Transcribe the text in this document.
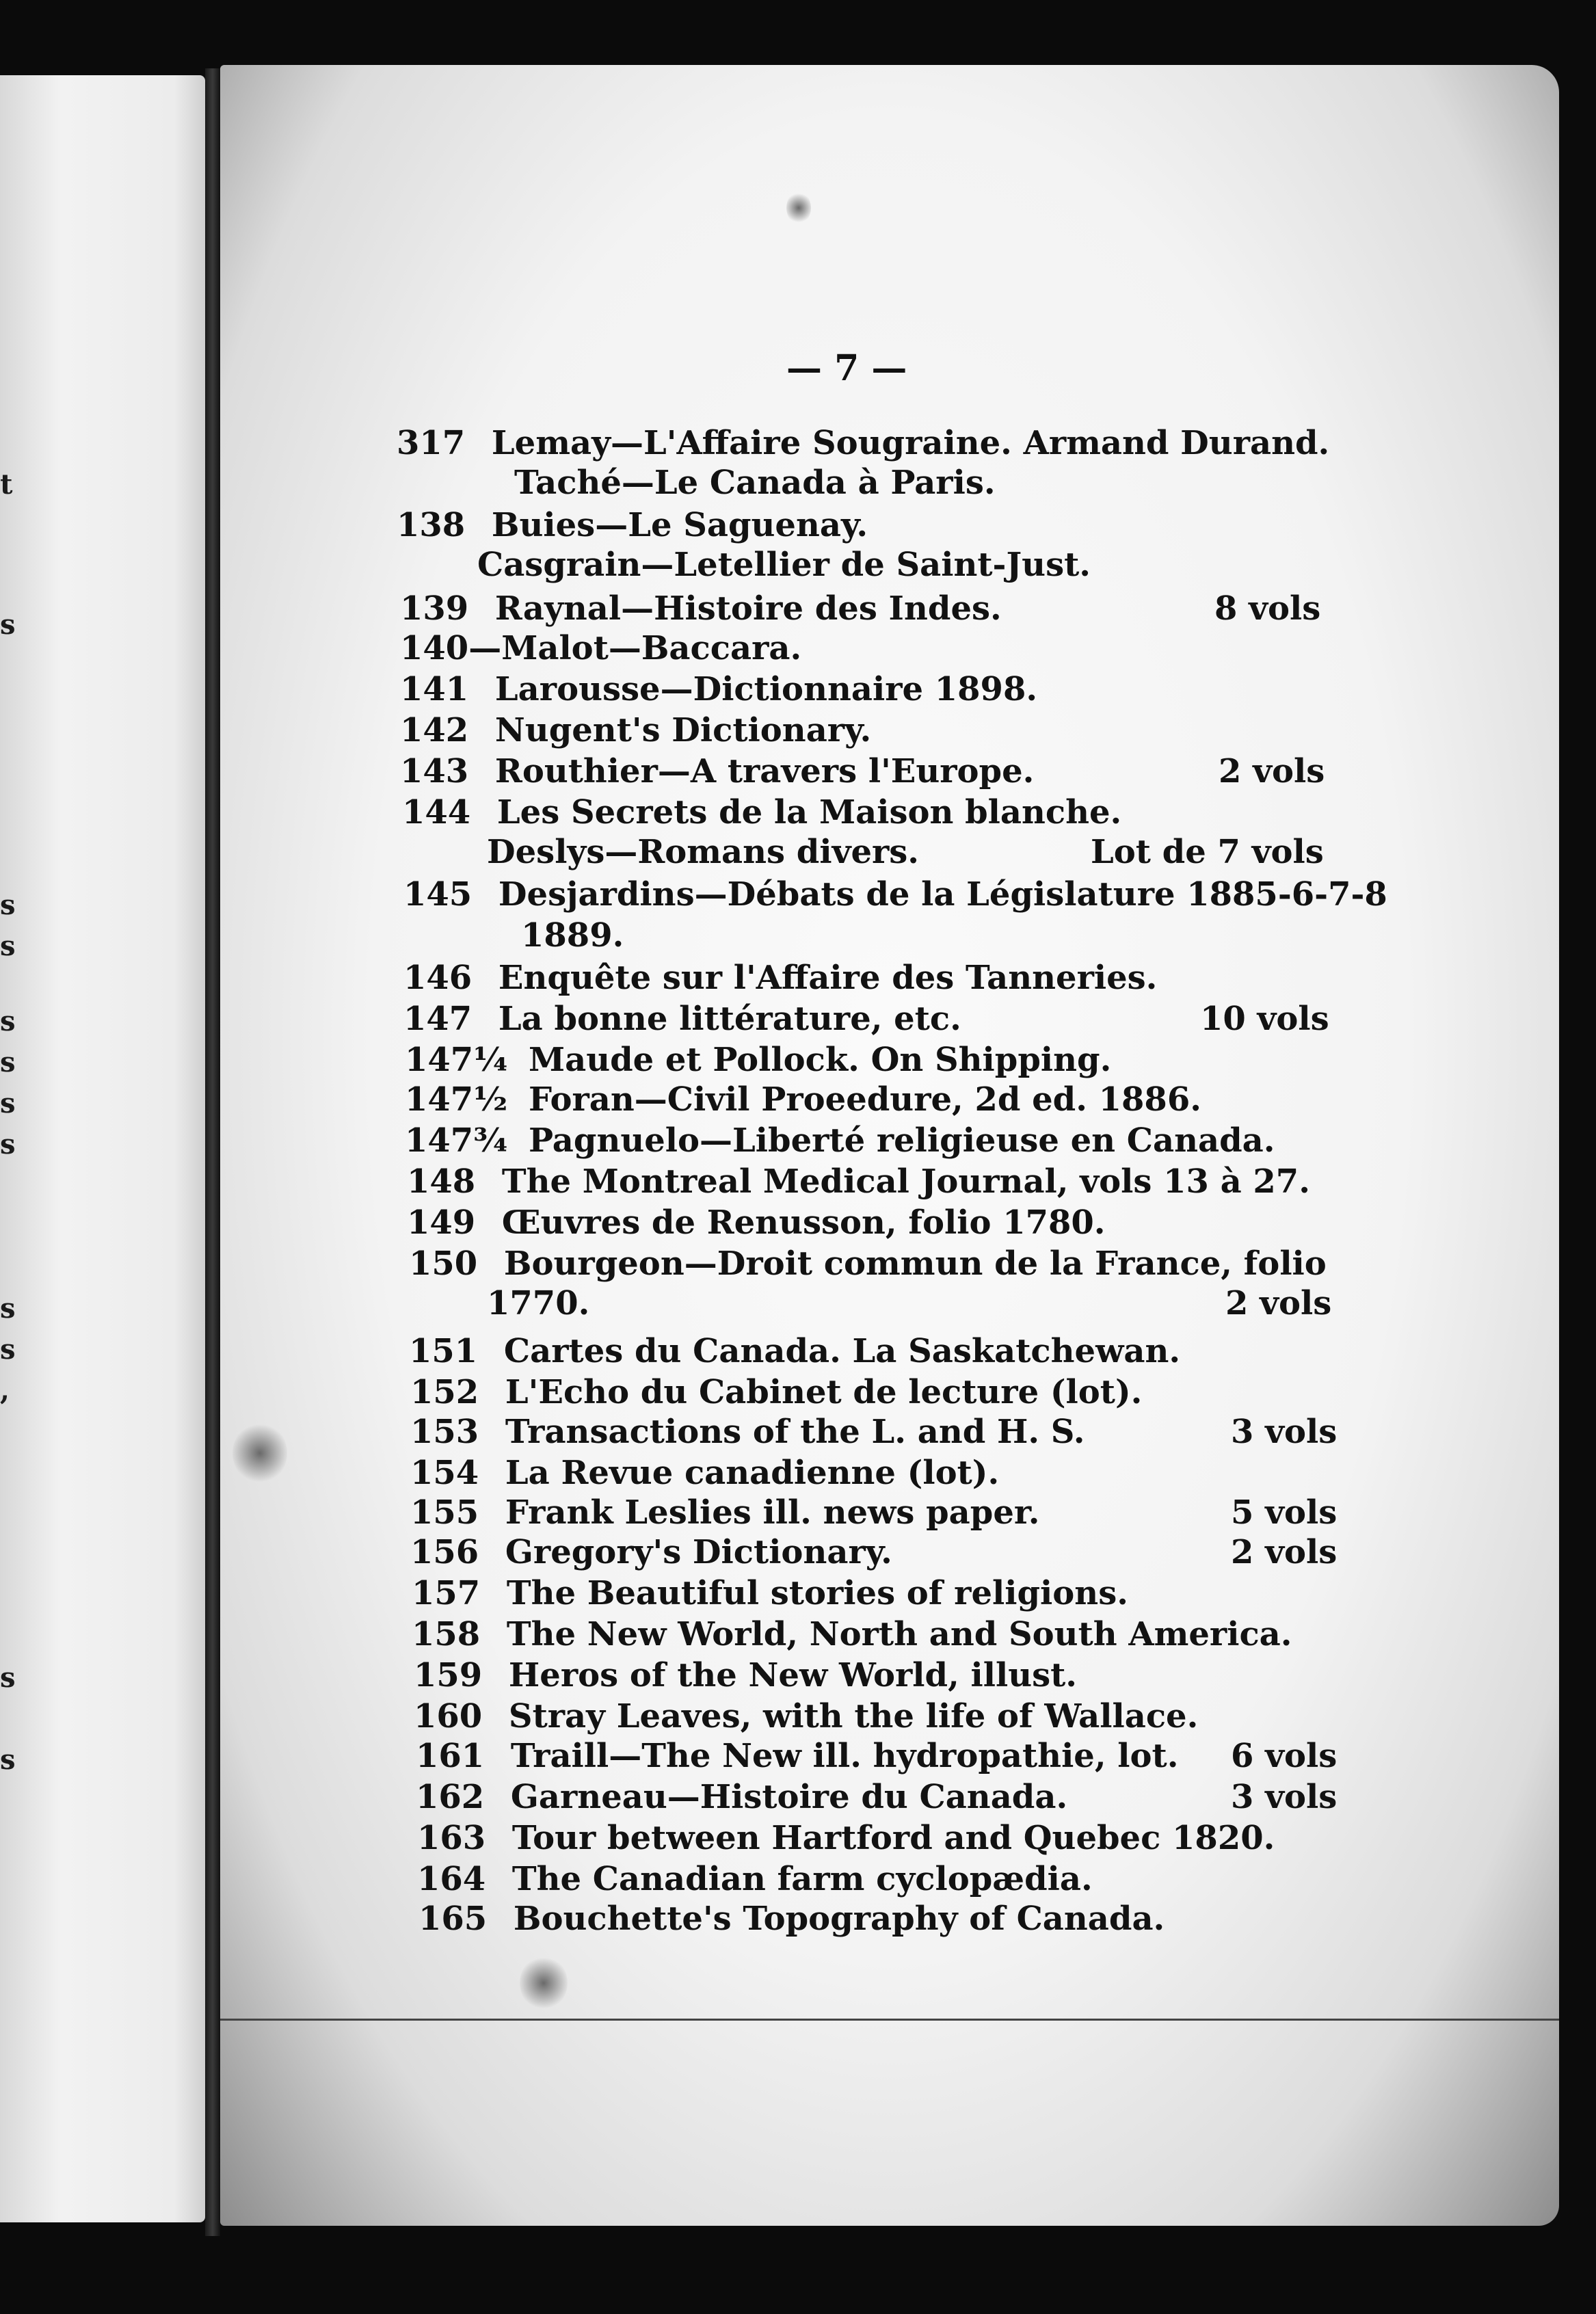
t
s
s
s
s
s
s
s
s
s
,
s
s
— 7 —
317 Lemay—L'Affaire Sougraine. Armand Durand.
Taché—Le Canada à Paris.
138 Buies—Le Saguenay.
Casgrain—Letellier de Saint-Just.
139 Raynal—Histoire des Indes.	8 vols
140—Malot—Baccara.
141 Larousse—Dictionnaire 1898.
142 Nugent's Dictionary.
143 Routhier—A travers l'Europe.	2 vols
144 Les Secrets de la Maison blanche.
Deslys—Romans divers.	Lot de 7 vols
145 Desjardins—Débats de la Législature 1885-6-7-8
1889.
146 Enquête sur l'Affaire des Tanneries.
147 La bonne littérature, etc.	10 vols
147¼ Maude et Pollock. On Shipping.
147½ Foran—Civil Proeedure, 2d ed. 1886.
147¾ Pagnuelo—Liberté religieuse en Canada.
148 The Montreal Medical Journal, vols 13 à 27.
149 Œuvres de Renusson, folio 1780.
150 Bourgeon—Droit commun de la France, folio
1770.	2 vols
151 Cartes du Canada. La Saskatchewan.
152 L'Echo du Cabinet de lecture (lot).
153 Transactions of the L. and H. S.	3 vols
154 La Revue canadienne (lot).
155 Frank Leslies ill. news paper.	5 vols
156 Gregory's Dictionary.	2 vols
157 The Beautiful stories of religions.
158 The New World, North and South America.
159 Heros of the New World, illust.
160 Stray Leaves, with the life of Wallace.
161 Traill—The New ill. hydropathie, lot. 6 vols
162 Garneau—Histoire du Canada.	3 vols
163 Tour between Hartford and Quebec 1820.
164 The Canadian farm cyclopædia.
165 Bouchette's Topography of Canada.
